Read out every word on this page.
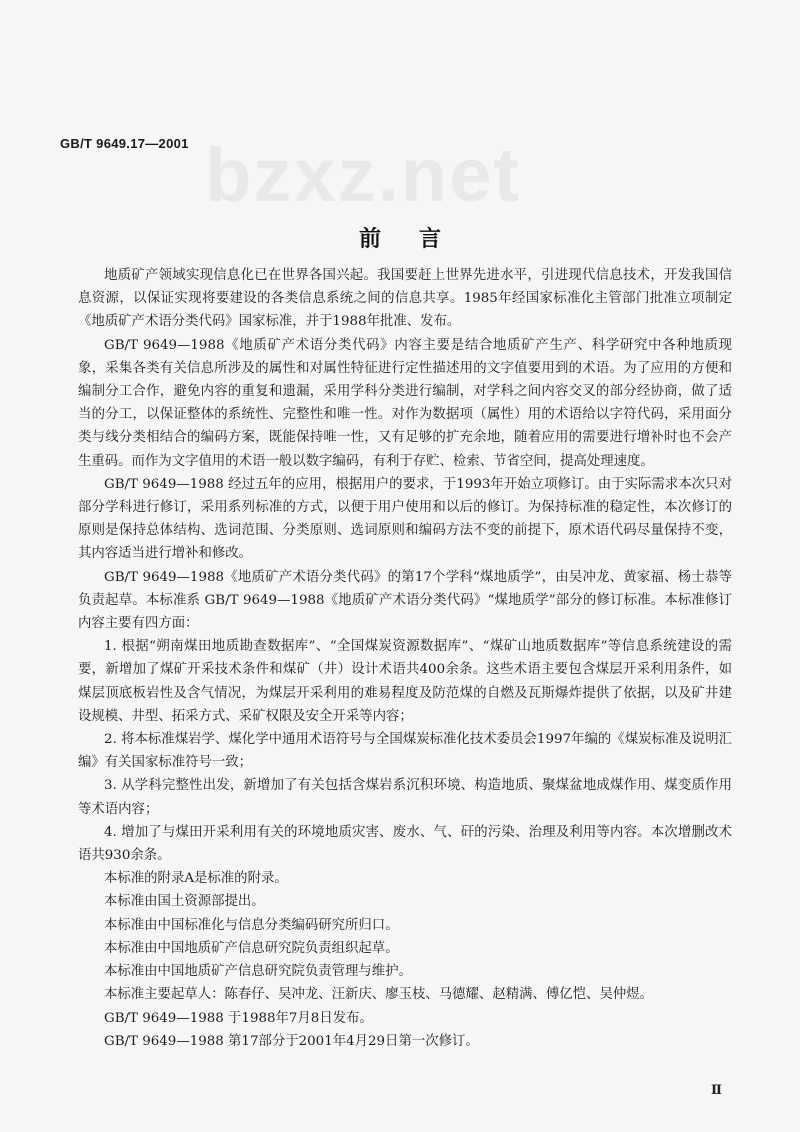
GB/T 9649.17—2001 bzxz.net
前言

地质矿产领域实现信息化已在世界各国兴起。我国要赶上世界先进水平，引进现代信息技术，开发我国信息资源，以保证实现将要建设的各类信息系统之间的信息共享。1985年经国家标准化主管部门批准立项制定《地质矿产术语分类代码》国家标准，并于1988年批准、发布。

GB/T 9649—1988《地质矿产术语分类代码》内容主要是结合地质矿产生产、科学研究中各种地质现象，采集各类有关信息所涉及的属性和对属性特征进行定性描述用的文字值要用到的术语。为了应用的方便和编制分工合作，避免内容的重复和遗漏，采用学科分类进行编制，对学科之间内容交叉的部分经协商，做了适当的分工，以保证整体的系统性、完整性和唯一性。对作为数据项（属性）用的术语给以字符代码，采用面分类与线分类相结合的编码方案，既能保持唯一性，又有足够的扩充余地，随着应用的需要进行增补时也不会产生重码。而作为文字值用的术语一般以数字编码，有利于存贮、检索、节省空间，提高处理速度。

GB/T 9649—1988 经过五年的应用，根据用户的要求，于1993年开始立项修订。由于实际需求本次只对部分学科进行修订，采用系列标准的方式，以便于用户使用和以后的修订。为保持标准的稳定性，本次修订的原则是保持总体结构、选词范围、分类原则、选词原则和编码方法不变的前提下，原术语代码尽量保持不变，其内容适当进行增补和修改。

GB/T 9649—1988《地质矿产术语分类代码》的第17个学科“煤地质学”，由吴冲龙、黄家福、杨士恭等负责起草。本标准系 GB/T 9649—1988《地质矿产术语分类代码》“煤地质学”部分的修订标准。本标准修订内容主要有四方面：

1. 根据“朔南煤田地质勘查数据库”、“全国煤炭资源数据库”、“煤矿山地质数据库”等信息系统建设的需要，新增加了煤矿开采技术条件和煤矿（井）设计术语共400余条。这些术语主要包含煤层开采利用条件，如煤层顶底板岩性及含气情况，为煤层开采利用的难易程度及防范煤的自燃及瓦斯爆炸提供了依据，以及矿井建设规模、井型、拓采方式、采矿权限及安全开采等内容；

2. 将本标准煤岩学、煤化学中通用术语符号与全国煤炭标准化技术委员会1997年编的《煤炭标准及说明汇编》有关国家标准符号一致；

3. 从学科完整性出发，新增加了有关包括含煤岩系沉积环境、构造地质、聚煤盆地成煤作用、煤变质作用等术语内容；

4. 增加了与煤田开采利用有关的环境地质灾害、废水、气、矸的污染、治理及利用等内容。本次增删改术语共930余条。

本标准的附录A是标准的附录。

本标准由国土资源部提出。

本标准由中国标准化与信息分类编码研究所归口。

本标准由中国地质矿产信息研究院负责组织起草。

本标准由中国地质矿产信息研究院负责管理与维护。

本标准主要起草人：陈春仔、吴冲龙、汪新庆、廖玉枝、马德耀、赵精满、傅亿恺、吴仲煜。

GB/T 9649—1988 于1988年7月8日发布。

GB/T 9649—1988 第17部分于2001年4月29日第一次修订。

Ⅱ
